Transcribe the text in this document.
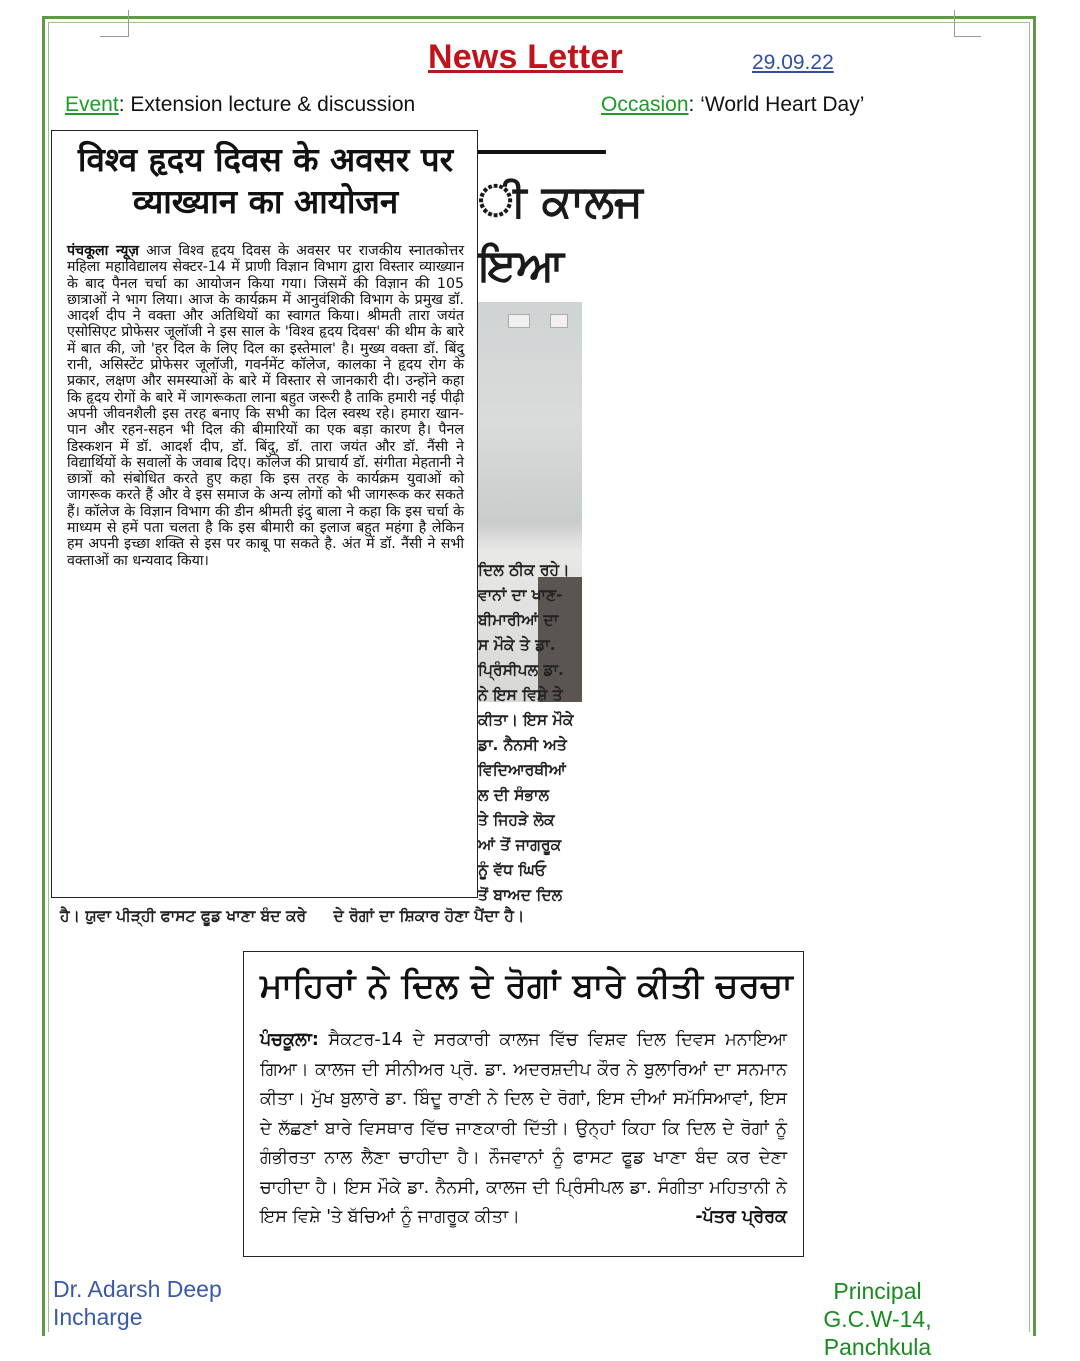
News Letter	29.09.22
Event: Extension lecture & discussion	Occasion: ‘World Heart Day’
ੀ ਕਾਲਜ
ਇਆ
ਦਿਲ ਠੀਕ ਰਹੇ।
ਵਾਨਾਂ ਦਾ ਖਾਣ-
ਬੀਮਾਰੀਆਂ ਦਾ
ਸ ਮੌਕੇ ਤੇ ਡਾ.
ਪ੍ਰਿੰਸੀਪਲ ਡਾ.
ਨੇ ਇਸ ਵਿਸ਼ੇ ਤੇ
ਕੀਤਾ। ਇਸ ਮੌਕੇ
ਡਾ. ਨੈਨਸੀ ਅਤੇ
ਵਿਦਿਆਰਥੀਆਂ
ਲ ਦੀ ਸੰਭਾਲ
ਤੇ ਜਿਹੜੇ ਲੋਕ
ਆਂ ਤੋਂ ਜਾਗਰੂਕ
ਨੂੰ ਵੱਧ ਘਿਓ
ਤੋਂ ਬਾਅਦ ਦਿਲ
ਹੈ। ਯੁਵਾ ਪੀੜ੍ਹੀ ਫਾਸਟ ਫੂਡ ਖਾਣਾ ਬੰਦ ਕਰੇ ਦੇ ਰੋਗਾਂ ਦਾ ਸ਼ਿਕਾਰ ਹੋਣਾ ਪੈਂਦਾ ਹੈ।
विश्व हृदय दिवस के अवसर पर
व्याख्यान का आयोजन

पंचकूला न्यूज़ आज विश्व हृदय दिवस के अवसर पर राजकीय स्नातकोत्तर महिला महाविद्यालय सेक्टर-14 में प्राणी विज्ञान विभाग द्वारा विस्तार व्याख्यान के बाद पैनल चर्चा का आयोजन किया गया। जिसमें की विज्ञान की 105 छात्राओं ने भाग लिया। आज के कार्यक्रम में आनुवंशिकी विभाग के प्रमुख डॉ. आदर्श दीप ने वक्ता और अतिथियों का स्वागत किया। श्रीमती तारा जयंत एसोसिएट प्रोफेसर जूलॉजी ने इस साल के 'विश्व हृदय दिवस' की थीम के बारे में बात की, जो 'हर दिल के लिए दिल का इस्तेमाल' है। मुख्य वक्ता डॉ. बिंदु रानी, असिस्टेंट प्रोफेसर जूलॉजी, गवर्नमेंट कॉलेज, कालका ने हृदय रोग के प्रकार, लक्षण और समस्याओं के बारे में विस्तार से जानकारी दी। उन्होंने कहा कि हृदय रोगों के बारे में जागरूकता लाना बहुत जरूरी है ताकि हमारी नई पीढ़ी अपनी जीवनशैली इस तरह बनाए कि सभी का दिल स्वस्थ रहे। हमारा खान-पान और रहन-सहन भी दिल की बीमारियों का एक बड़ा कारण है। पैनल डिस्कशन में डॉ. आदर्श दीप, डॉ. बिंदु, डॉ. तारा जयंत और डॉ. नैंसी ने विद्यार्थियों के सवालों के जवाब दिए। कॉलेज की प्राचार्य डॉ. संगीता मेहतानी ने छात्रों को संबोधित करते हुए कहा कि इस तरह के कार्यक्रम युवाओं को जागरूक करते हैं और वे इस समाज के अन्य लोगों को भी जागरूक कर सकते हैं। कॉलेज के विज्ञान विभाग की डीन श्रीमती इंदु बाला ने कहा कि इस चर्चा के माध्यम से हमें पता चलता है कि इस बीमारी का इलाज बहुत महंगा है लेकिन हम अपनी इच्छा शक्ति से इस पर काबू पा सकते है. अंत में डॉ. नैंसी ने सभी वक्ताओं का धन्यवाद किया।

ਮਾਹਿਰਾਂ ਨੇ ਦਿਲ ਦੇ ਰੋਗਾਂ ਬਾਰੇ ਕੀਤੀ ਚਰਚਾ

ਪੰਚਕੂਲਾ: ਸੈਕਟਰ-14 ਦੇ ਸਰਕਾਰੀ ਕਾਲਜ ਵਿੱਚ ਵਿਸ਼ਵ ਦਿਲ ਦਿਵਸ ਮਨਾਇਆ ਗਿਆ। ਕਾਲਜ ਦੀ ਸੀਨੀਅਰ ਪ੍ਰੋ. ਡਾ. ਅਦਰਸ਼ਦੀਪ ਕੌਰ ਨੇ ਬੁਲਾਰਿਆਂ ਦਾ ਸਨਮਾਨ ਕੀਤਾ। ਮੁੱਖ ਬੁਲਾਰੇ ਡਾ. ਬਿੰਦੂ ਰਾਣੀ ਨੇ ਦਿਲ ਦੇ ਰੋਗਾਂ, ਇਸ ਦੀਆਂ ਸਮੱਸਿਆਵਾਂ, ਇਸ ਦੇ ਲੱਛਣਾਂ ਬਾਰੇ ਵਿਸਥਾਰ ਵਿੱਚ ਜਾਣਕਾਰੀ ਦਿੱਤੀ। ਉਨ੍ਹਾਂ ਕਿਹਾ ਕਿ ਦਿਲ ਦੇ ਰੋਗਾਂ ਨੂੰ ਗੰਭੀਰਤਾ ਨਾਲ ਲੈਣਾ ਚਾਹੀਦਾ ਹੈ। ਨੌਜਵਾਨਾਂ ਨੂੰ ਫਾਸਟ ਫੂਡ ਖਾਣਾ ਬੰਦ ਕਰ ਦੇਣਾ ਚਾਹੀਦਾ ਹੈ। ਇਸ ਮੌਕੇ ਡਾ. ਨੈਨਸੀ, ਕਾਲਜ ਦੀ ਪ੍ਰਿੰਸੀਪਲ ਡਾ. ਸੰਗੀਤਾ ਮਹਿਤਾਨੀ ਨੇ ਇਸ ਵਿਸ਼ੇ 'ਤੇ ਬੱਚਿਆਂ ਨੂੰ ਜਾਗਰੂਕ ਕੀਤਾ।	-ਪੱਤਰ ਪ੍ਰੇਰਕ

Dr. Adarsh Deep
Incharge
Principal
G.C.W-14, Panchkula
